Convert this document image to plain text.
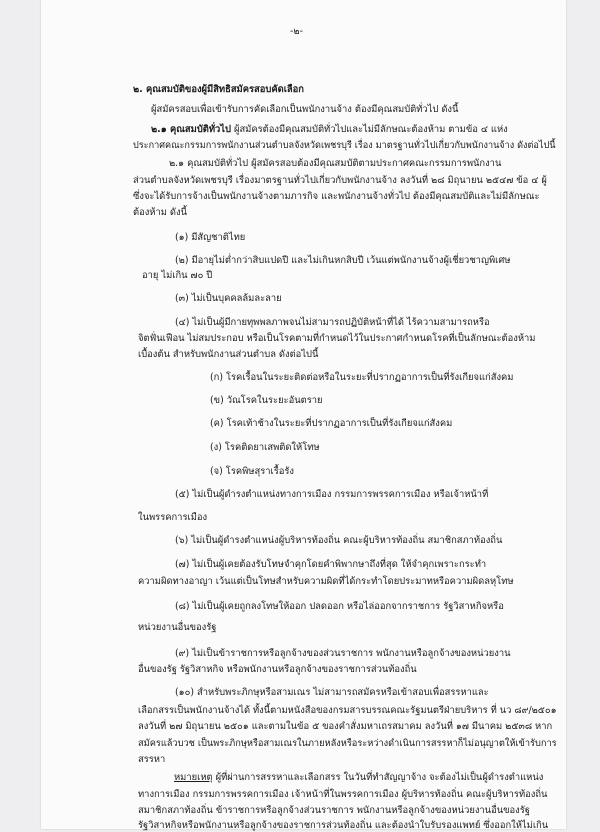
-๒-
๒. คุณสมบัติของผู้มีสิทธิสมัครสอบคัดเลือก
ผู้สมัครสอบเพื่อเข้ารับการคัดเลือกเป็นพนักงานจ้าง ต้องมีคุณสมบัติทั่วไป ดังนี้
๒.๑ คุณสมบัติทั่วไป ผู้สมัครต้องมีคุณสมบัติทั่วไปและไม่มีลักษณะต้องห้าม ตามข้อ ๔ แห่ง
ประกาศคณะกรรมการพนักงานส่วนตำบลจังหวัดเพชรบุรี เรื่อง มาตรฐานทั่วไปเกี่ยวกับพนักงานจ้าง ดังต่อไปนี้
๒.๑ คุณสมบัติทั่วไป ผู้สมัครสอบต้องมีคุณสมบัติตามประกาศคณะกรรมการพนักงาน
ส่วนตำบลจังหวัดเพชรบุรี เรื่องมาตรฐานทั่วไปเกี่ยวกับพนักงานจ้าง ลงวันที่ ๒๘ มิถุนายน ๒๕๔๗ ข้อ ๔ ผู้
ซึ่งจะได้รับการจ้างเป็นพนักงานจ้างตามภารกิจ และพนักงานจ้างทั่วไป ต้องมีคุณสมบัติและไม่มีลักษณะ
ต้องห้าม ดังนี้
(๑) มีสัญชาติไทย
(๒) มีอายุไม่ต่ำกว่าสิบแปดปี และไม่เกินหกสิบปี เว้นแต่พนักงานจ้างผู้เชี่ยวชาญพิเศษ
อายุ ไม่เกิน ๗๐ ปี
(๓) ไม่เป็นบุคคลล้มละลาย
(๔) ไม่เป็นผู้มีกายทุพพลภาพจนไม่สามารถปฏิบัติหน้าที่ได้ ไร้ความสามารถหรือ
จิตฟั่นเฟือน ไม่สมประกอบ หรือเป็นโรคตามที่กำหนดไว้ในประกาศกำหนดโรคที่เป็นลักษณะต้องห้าม
เบื้องต้น สำหรับพนักงานส่วนตำบล ดังต่อไปนี้
(ก) โรคเรื้อนในระยะติดต่อหรือในระยะที่ปรากฏอาการเป็นที่รังเกียจแก่สังคม
(ข) วัณโรคในระยะอันตราย
(ค) โรคเท้าช้างในระยะที่ปรากฏอาการเป็นที่รังเกียจแก่สังคม
(ง) โรคติดยาเสพติดให้โทษ
(จ) โรคพิษสุราเรื้อรัง
(๕) ไม่เป็นผู้ดำรงตำแหน่งทางการเมือง กรรมการพรรคการเมือง หรือเจ้าหน้าที่
ในพรรคการเมือง
(๖) ไม่เป็นผู้ดำรงตำแหน่งผู้บริหารท้องถิ่น คณะผู้บริหารท้องถิ่น สมาชิกสภาท้องถิ่น
(๗) ไม่เป็นผู้เคยต้องรับโทษจำคุกโดยคำพิพากษาถึงที่สุด ให้จำคุกเพราะกระทำ
ความผิดทางอาญา เว้นแต่เป็นโทษสำหรับความผิดที่ได้กระทำโดยประมาทหรือความผิดลหุโทษ
(๘) ไม่เป็นผู้เคยถูกลงโทษให้ออก ปลดออก หรือไล่ออกจากราชการ รัฐวิสาหกิจหรือ
หน่วยงานอื่นของรัฐ
(๙) ไม่เป็นข้าราชการหรือลูกจ้างของส่วนราชการ พนักงานหรือลูกจ้างของหน่วยงาน
อื่นของรัฐ รัฐวิสาหกิจ หรือพนักงานหรือลูกจ้างของราชการส่วนท้องถิ่น
(๑๐) สำหรับพระภิกษุหรือสามเณร ไม่สามารถสมัครหรือเข้าสอบเพื่อสรรหาและ
เลือกสรรเป็นพนักงานจ้างได้ ทั้งนี้ตามหนังสือของกรมสารบรรณคณะรัฐมนตรีฝ่ายบริหาร ที่ นว ๘๙/๒๕๐๑
ลงวันที่ ๒๗ มิถุนายน ๒๕๐๑ และตามในข้อ ๕ ของคำสั่งมหาเถรสมาคม ลงวันที่ ๑๗ มีนาคม ๒๕๓๘ หาก
สมัครแล้วบวช เป็นพระภิกษุหรือสามเณรในภายหลังหรือระหว่างดำเนินการสรรหาก็ไม่อนุญาตให้เข้ารับการ
สรรหา
หมายเหตุ ผู้ที่ผ่านการสรรหาและเลือกสรร ในวันที่ทำสัญญาจ้าง จะต้องไม่เป็นผู้ดำรงตำแหน่ง
ทางการเมือง กรรมการพรรคการเมือง เจ้าหน้าที่ในพรรคการเมือง ผู้บริหารท้องถิ่น คณะผู้บริหารท้องถิ่น
สมาชิกสภาท้องถิ่น ข้าราชการหรือลูกจ้างส่วนราชการ พนักงานหรือลูกจ้างของหน่วยงานอื่นของรัฐ
รัฐวิสาหกิจหรือพนักงานหรือลูกจ้างของราชการส่วนท้องถิ่น และต้องนำใบรับรองแพทย์ ซึ่งออกให้ไม่เกิน
